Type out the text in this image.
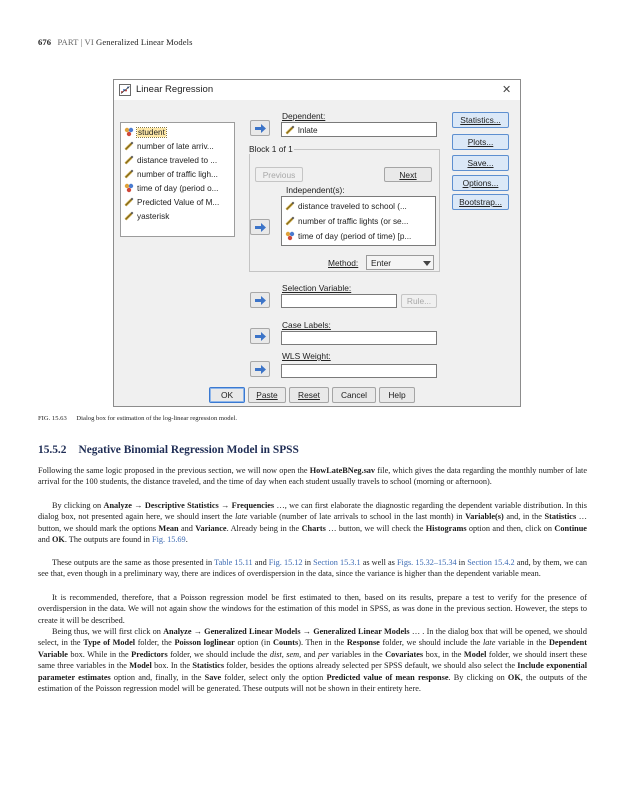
676 PART | VI Generalized Linear Models
Linear Regression	✕
student
number of late arriv...
distance traveled to ...
number of traffic ligh...
time of day (period o...
Predicted Value of M...
yasterisk
Dependent:
lnlate
Block 1 of 1
Previous	Next
Independent(s):
distance traveled to school (...
number of traffic lights (or se...
time of day (period of time) [p...
Method: Enter
Selection Variable:
Rule...
Case Labels:
WLS Weight:
Statistics...
Plots...
Save...
Options...
Bootstrap...
OK	Paste Reset	Cancel	Help
FIG. 15.63 Dialog box for estimation of the log-linear regression model.
15.5.2 Negative Binomial Regression Model in SPSS
Following the same logic proposed in the previous section, we will now open the HowLateBNeg.sav file, which gives the data regarding the monthly number of late arrival for the 100 students, the distance traveled, and the time of day when each student usually travels to school (morning or afternoon).
By clicking on Analyze → Descriptive Statistics → Frequencies …, we can first elaborate the diagnostic regarding the dependent variable distribution. In this dialog box, not presented again here, we should insert the late variable (number of late arrivals to school in the last month) in Variable(s) and, in the Statistics … button, we should mark the options Mean and Variance. Already being in the Charts … button, we will check the Histograms option and then, click on Continue and OK. The outputs are found in Fig. 15.69.
These outputs are the same as those presented in Table 15.11 and Fig. 15.12 in Section 15.3.1 as well as Figs. 15.32–15.34 in Section 15.4.2 and, by them, we can see that, even though in a preliminary way, there are indices of overdispersion in the data, since the variance is higher than the dependent variable mean.
It is recommended, therefore, that a Poisson regression model be first estimated to then, based on its results, prepare a test to verify for the presence of overdispersion in the data. We will not again show the windows for the estimation of this model in SPSS, as was done in the previous section. However, the steps to create it will be described.
Being thus, we will first click on Analyze → Generalized Linear Models → Generalized Linear Models … . In the dialog box that will be opened, we should select, in the Type of Model folder, the Poisson loglinear option (in Counts). Then in the Response folder, we should include the late variable in the Dependent Variable box. While in the Predictors folder, we should include the dist, sem, and per variables in the Covariates box, in the Model folder, we should insert these same three variables in the Model box. In the Statistics folder, besides the options already selected per SPSS default, we should also select the Include exponential parameter estimates option and, finally, in the Save folder, select only the option Predicted value of mean response. By clicking on OK, the outputs of the estimation of the Poisson regression model will be generated. These outputs will not be shown in their entirety here.
